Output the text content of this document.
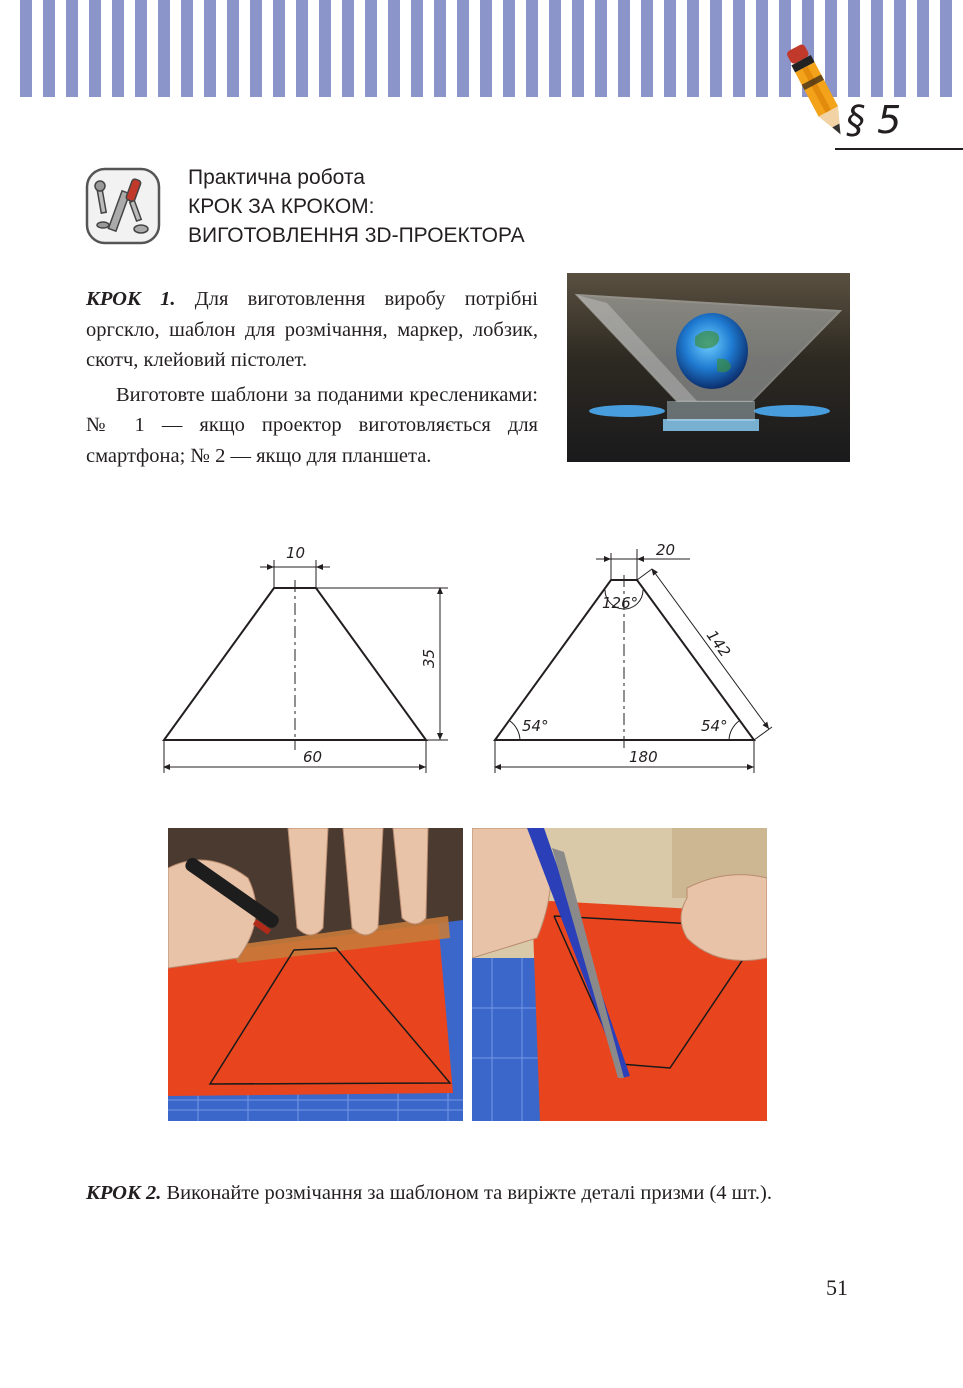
§ 5
Практична робота
КРОК ЗА КРОКОМ:
ВИГОТОВЛЕННЯ 3D-ПРОЕКТОРА

КРОК 1. Для виготовлення виробу потрібні оргскло, шаблон для розмічання, маркер, лобзик, скотч, клейовий пістолет.

Виготовте шаблони за поданими креслениками: № 1 — якщо проектор виготовляється для смартфона; № 2 — якщо для планшета.

10
35
60
20
126°
142
54°	54°
180

КРОК 2. Виконайте розмічання за шаблоном та виріжте деталі призми (4 шт.).

51
